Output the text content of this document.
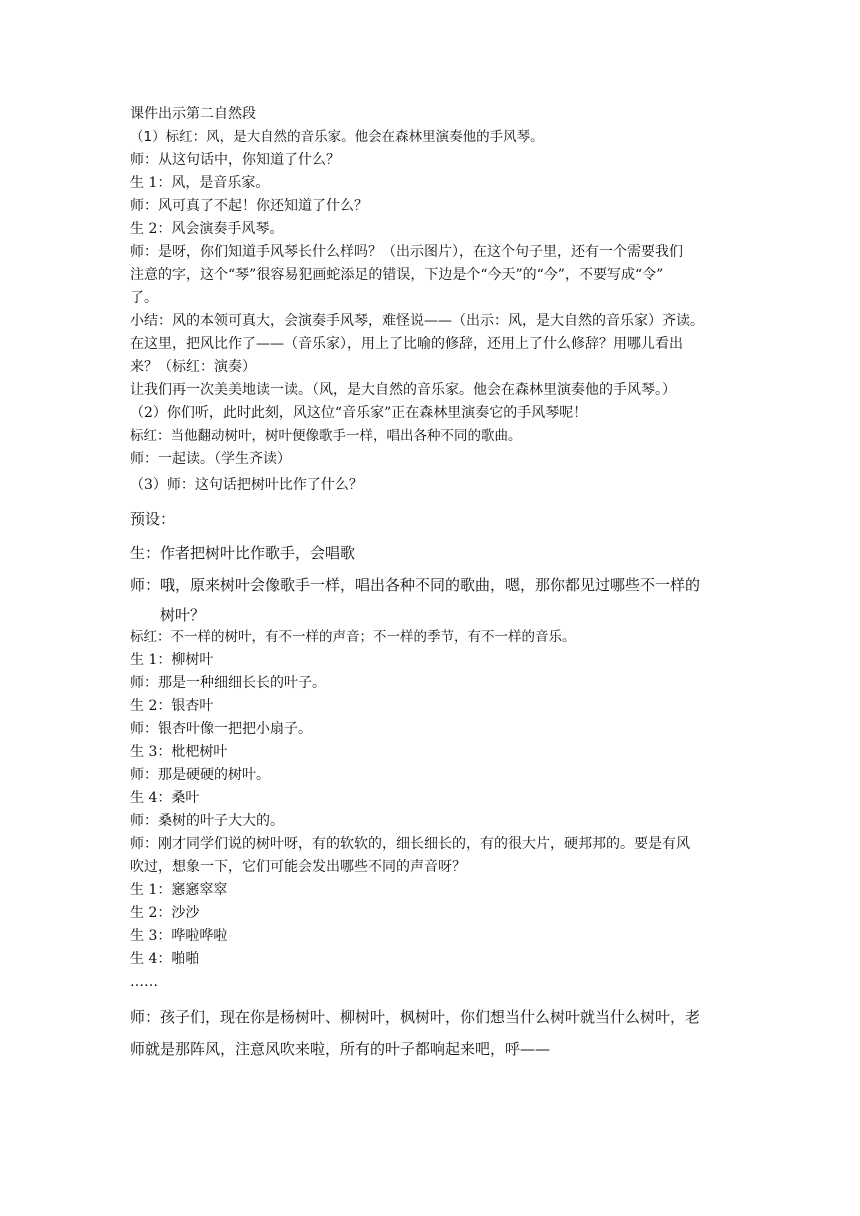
课件出示第二自然段
（1）标红：风，是大自然的音乐家。他会在森林里演奏他的手风琴。
师：从这句话中，你知道了什么？
生 1：风，是音乐家。
师：风可真了不起！你还知道了什么？
生 2：风会演奏手风琴。
师：是呀，你们知道手风琴长什么样吗？（出示图片），在这个句子里，还有一个需要我们
注意的字，这个“琴”很容易犯画蛇添足的错误，下边是个“今天”的“今”，不要写成“令”
了。
小结：风的本领可真大，会演奏手风琴，难怪说——（出示：风，是大自然的音乐家）齐读。
在这里，把风比作了——（音乐家），用上了比喻的修辞，还用上了什么修辞？用哪儿看出
来？（标红：演奏）
让我们再一次美美地读一读。（风，是大自然的音乐家。他会在森林里演奏他的手风琴。）
（2）你们听，此时此刻，风这位“音乐家”正在森林里演奏它的手风琴呢！
标红：当他翻动树叶，树叶便像歌手一样，唱出各种不同的歌曲。
师：一起读。（学生齐读）
（3）师：这句话把树叶比作了什么？
预设：
生：作者把树叶比作歌手，会唱歌
师：哦，原来树叶会像歌手一样，唱出各种不同的歌曲，嗯，那你都见过哪些不一样的
树叶？
标红：不一样的树叶，有不一样的声音；不一样的季节，有不一样的音乐。
生 1：柳树叶
师：那是一种细细长长的叶子。
生 2：银杏叶
师：银杏叶像一把把小扇子。
生 3：枇杷树叶
师：那是硬硬的树叶。
生 4：桑叶
师：桑树的叶子大大的。
师：刚才同学们说的树叶呀，有的软软的，细长细长的，有的很大片，硬邦邦的。要是有风
吹过，想象一下，它们可能会发出哪些不同的声音呀？
生 1：窸窸窣窣
生 2：沙沙
生 3：哗啦哗啦
生 4：啪啪
……
师：孩子们，现在你是杨树叶、柳树叶，枫树叶，你们想当什么树叶就当什么树叶，老
师就是那阵风，注意风吹来啦，所有的叶子都响起来吧，呼——
